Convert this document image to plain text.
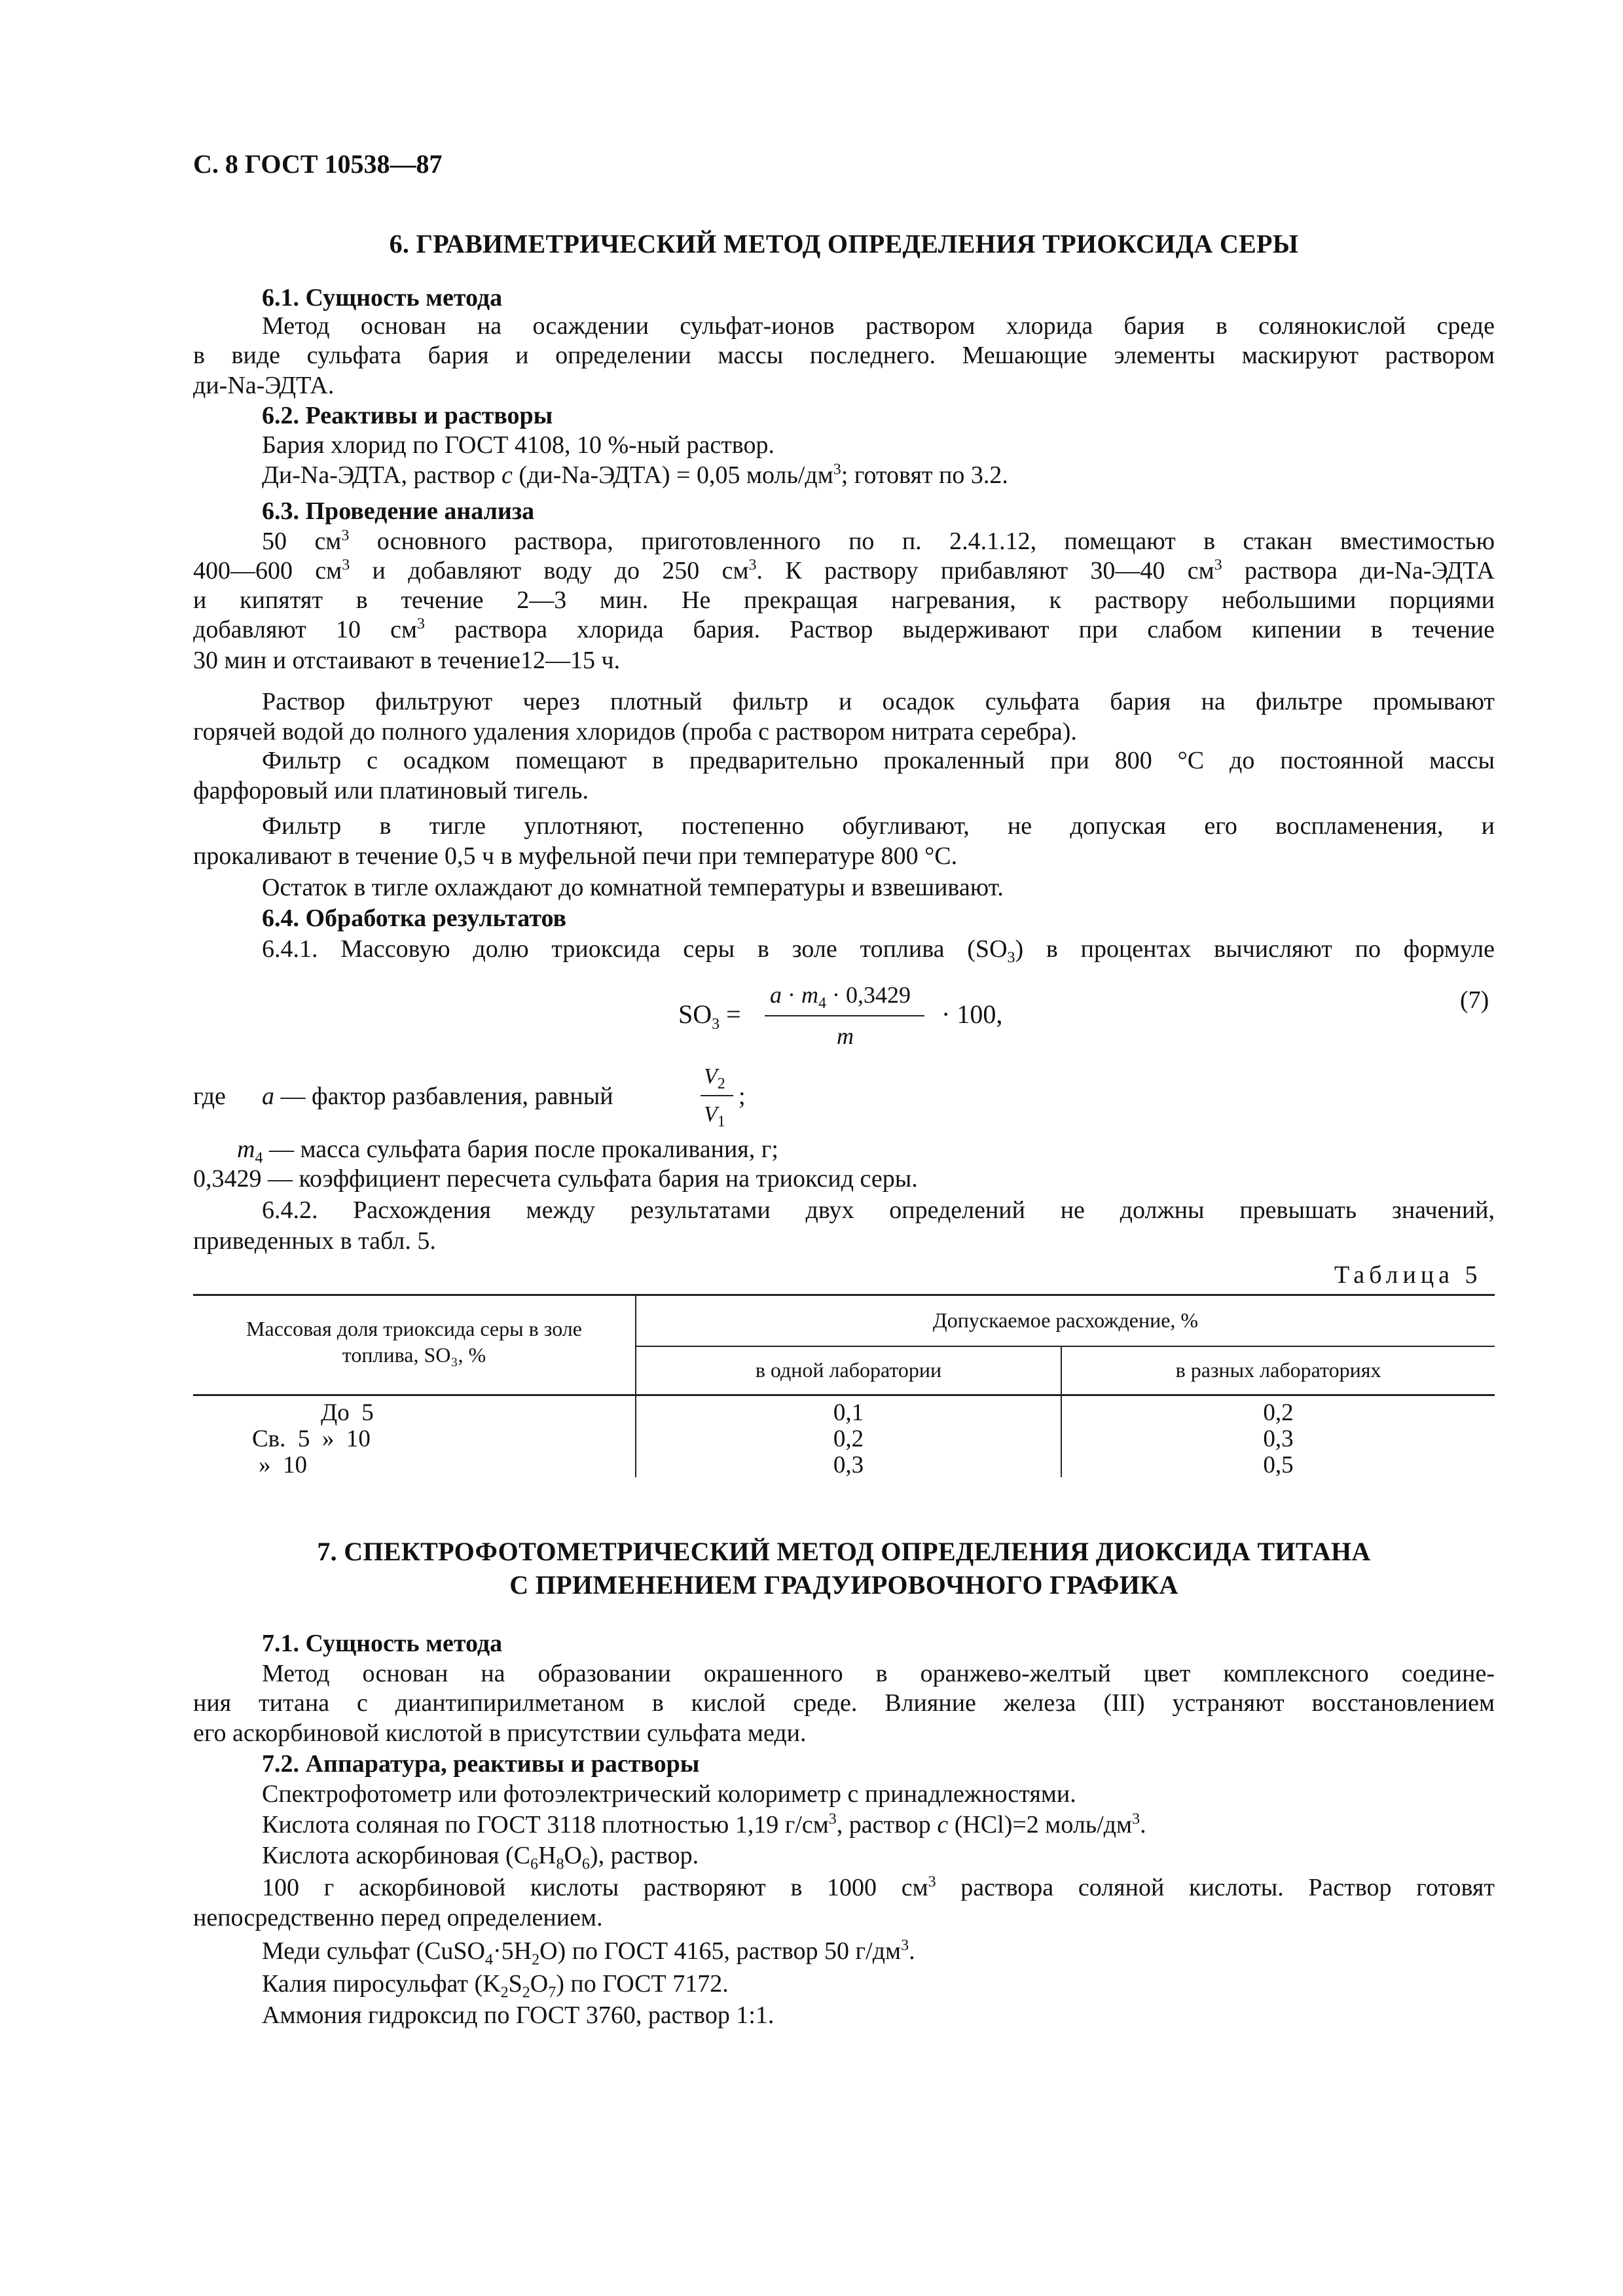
С. 8 ГОСТ 10538—87
6. ГРАВИМЕТРИЧЕСКИЙ МЕТОД ОПРЕДЕЛЕНИЯ ТРИОКСИДА СЕРЫ
6.1. Сущность метода
Метод основан на осаждении сульфат-ионов раствором хлорида бария в солянокислой среде
в виде сульфата бария и определении массы последнего. Мешающие элементы маскируют раствором
ди-Na-ЭДТА.
6.2. Реактивы и растворы
Бария хлорид по ГОСТ 4108, 10 %-ный раствор.
Ди-Na-ЭДТА, раствор c (ди-Na-ЭДТА) = 0,05 моль/$дм^3$; готовят по 3.2.
6.3. Проведение анализа
50 $см^3$ основного раствора, приготовленного по п. 2.4.1.12, помещают в стакан вместимостью
400—600 $см^3$ и добавляют воду до 250 $см^3$. К раствору прибавляют 30—40 $см^3$ раствора ди-Na-ЭДТА
и кипятят в течение 2—3 мин. Не прекращая нагревания, к раствору небольшими порциями
добавляют 10 $см^3$ раствора хлорида бария. Раствор выдерживают при слабом кипении в течение
30 мин и отстаивают в течение12—15 ч.
Раствор фильтруют через плотный фильтр и осадок сульфата бария на фильтре промывают
горячей водой до полного удаления хлоридов (проба с раствором нитрата серебра).
Фильтр с осадком помещают в предварительно прокаленный при 800 °С до постоянной массы
фарфоровый или платиновый тигель.
Фильтр в тигле уплотняют, постепенно обугливают, не допуская его воспламенения, и
прокаливают в течение 0,5 ч в муфельной печи при температуре 800 °С.
Остаток в тигле охлаждают до комнатной температуры и взвешивают.
6.4. Обработка результатов
6.4.1. Массовую долю триоксида серы в золе топлива $(SO_3)$ в процентах вычисляют по формуле
$SO_3$ =
$a \cdot m_4 \cdot 0,3429$
m
· 100,	(7)
где a — фактор разбавления, равный
$V_2$
$V_1$
;
$m_4$ — масса сульфата бария после прокаливания, г;
0,3429 — коэффициент пересчета сульфата бария на триоксид серы.
6.4.2. Расхождения между результатами двух определений не должны превышать значений,
приведенных в табл. 5.
Таблица 5
Массовая доля триоксида серы в золе
топлива, SO₃, %
Допускаемое расхождение, %
в одной лаборатории	в разных лабораториях
До  5	0,1	0,2
Св.  5  »  10	0,2	0,3
»  10	0,3	0,5
7. СПЕКТРОФОТОМЕТРИЧЕСКИЙ МЕТОД ОПРЕДЕЛЕНИЯ ДИОКСИДА ТИТАНА
С ПРИМЕНЕНИЕМ ГРАДУИРОВОЧНОГО ГРАФИКА
7.1. Сущность метода
Метод основан на образовании окрашенного в оранжево-желтый цвет комплексного соедине-
ния титана с диантипирилметаном в кислой среде. Влияние железа (III) устраняют восстановлением
его аскорбиновой кислотой в присутствии сульфата меди.
7.2. Аппаратура, реактивы и растворы
Спектрофотометр или фотоэлектрический колориметр с принадлежностями.
Кислота соляная по ГОСТ 3118 плотностью 1,19 $г/см^3$, раствор c (HCl)=2 моль/$дм^3$.
Кислота аскорбиновая $(C_6H_8O_6)$, раствор.
100 г аскорбиновой кислоты растворяют в 1000 $см^3$ раствора соляной кислоты. Раствор готовят
непосредственно перед определением.
Меди сульфат $(CuSO_4\cdot 5H_2O)$ по ГОСТ 4165, раствор 50 $г/дм^3$.
Калия пиросульфат $(K_2S_2O_7)$ по ГОСТ 7172.
Аммония гидроксид по ГОСТ 3760, раствор 1:1.
